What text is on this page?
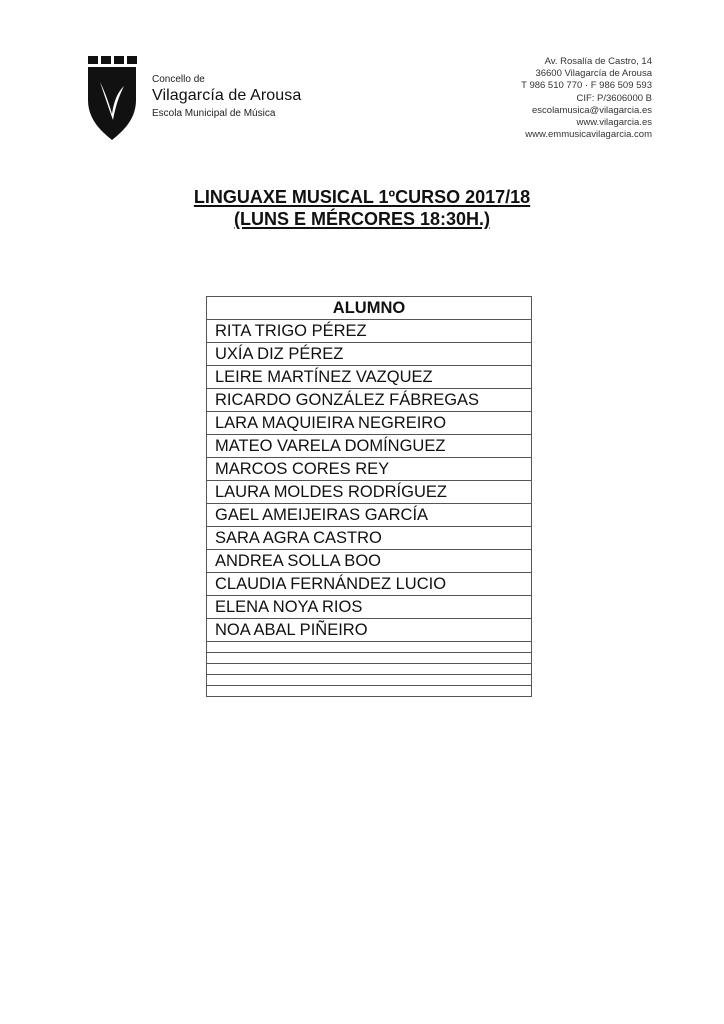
Concello de
Vilagarcía de Arousa
Escola Municipal de Música
Av. Rosalía de Castro, 14
36600 Vilagarcía de Arousa
T 986 510 770 · F 986 509 593
CIF: P/3606000 B
escolamusica@vilagarcia.es
www.vilagarcia.es
www.emmusicavilagarcia.com
LINGUAXE MUSICAL 1ºCURSO 2017/18
(LUNS E MÉRCORES 18:30H.)
ALUMNO
RITA TRIGO PÉREZ
UXÍA DIZ PÉREZ
LEIRE MARTÍNEZ VAZQUEZ
RICARDO GONZÁLEZ FÁBREGAS
LARA MAQUIEIRA NEGREIRO
MATEO VARELA DOMÍNGUEZ
MARCOS CORES REY
LAURA MOLDES RODRÍGUEZ
GAEL AMEIJEIRAS GARCÍA
SARA AGRA CASTRO
ANDREA SOLLA BOO
CLAUDIA FERNÁNDEZ LUCIO
ELENA NOYA RIOS
NOA ABAL PIÑEIRO
